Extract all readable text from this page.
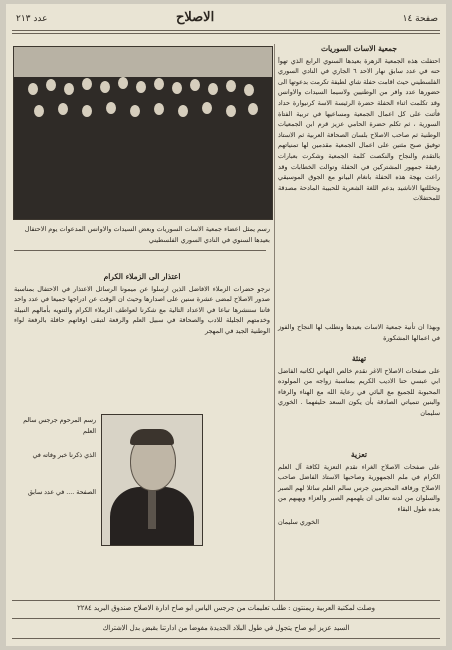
صفحة ١٤
الاصلاح
عدد ٢١٣
رسم يمثل اعضاء جمعية الاسات السوريات وبعض السيدات والاوانس المدعوات يوم الاحتفال بعيدها السنوي في النادي السوري الفلسطيني
جمعية الاسات السوريات

احتفلت هذه الجمعية الزهرة بعيدها السنوي الرابع الذي تهوأ حنه في عدد سابق نهار الاحد ٦ الجاري في النادي السوري الفلسطيني حيث اقامت حفلة شاي لطيفة تكرمت بدعوتها الى حضورها عدد وافر من الوطنيين ولاسيما السيدات والاوانس وقد تكلمت اثناء الحفلة حضرة الرئيسة الاسة كرنيوارة حداد فأثنت على كل اعمال الجمعية ومساعيها في تربية الفتاة السورية ، ثم تكلم حضرة الحامي عزيز قرم ابن الجمعيات الوطنية ثم صاحب الاصلاح بلسان الصحافة العربية ثم الاستاذ توفيق صبح مثنين على اعمال الجمعية مقدمين لها تمنياتهم بالتقدم والنجاح والنكصت كلمة الجمعية وشكرت بعبارات رقيقة جمهور المشتركين في الحفلة وتوالت الخطابات وقد راعت بهجة هذه الحفلة بانغام البيانو مع الجوق الموسيقي وتخللتها الاناشيد بدعم اللغة الشعرية للحبيبة المادحة مصدقة للمحتفلات

وبهذا ان تأنية جمعية الاسات بعيدها ونطلب لها النجاح والفوز في اعمالها المشكورة

تهنئة

على صفحات الاصلاح الاغر نقدم خالص التهاني لكاتبه الفاضل ابي عبسي حنا الاديب الكريم بمناسبة زواجه من المولوده المحبوبة للجميع مع البائي في رعاية الله مع الهناء والرفاء والبنين تنمياتي الصادقة بأن يكون السعد حليفهما . الخوري سليمان

تعزية

على صفحات الاصلاح الغراء نقدم التعزية لكافة آل العلم الكرام في ملم الجمهورية وصاحبها الاستاذ الفاضل صاحب الاصلاح ورفاقه المحترمين جرس سالم العلم سائلا لهم الصبر والسلوان من لدنه تعالى ان يلهمهم الصبر والعزاء ويهبهم من بعده طول البقاء

الخوري سليمان

اعتذار الى الزملاء الكرام

نرجو حضرات الزملاء الافاضل الذين ارسلوا عن ميمونا الرسائل الاعتذار في الاحتفال بمناسبة صدور الاصلاح لمضى عشرة سنين على اصدارها وحيث ان الوقت عن ادراجها جميعا في عدد واحد فاننا سننشرها تباعا في الاعداد التالية مع شكرنا لعواطف الزملاء الكرام والتنويه بأمالهم النبيلة وخدمتهم الجليلة للادب والصحافة في سبيل العلم والرفعة لتبقى اوقاتهم حافلة بالرفعة لواء الوطنية الجيد في المهجر

رسم المرحوم جرجس سالم العلم
الذي ذكرنا خبر وفاته في
الصفحة .... في عدد سابق
وصلت لمكتبة العربية ريمنتون : طلب تعليمات من جرجس الياس ابو صاح ادارة الاصلاح صندوق البريد ٢٢٨٤
السيد عزيز ابو صاح يتجول في طول البلاد الجديدة مفوضا من ادارتنا بقبض بدل الاشتراك
